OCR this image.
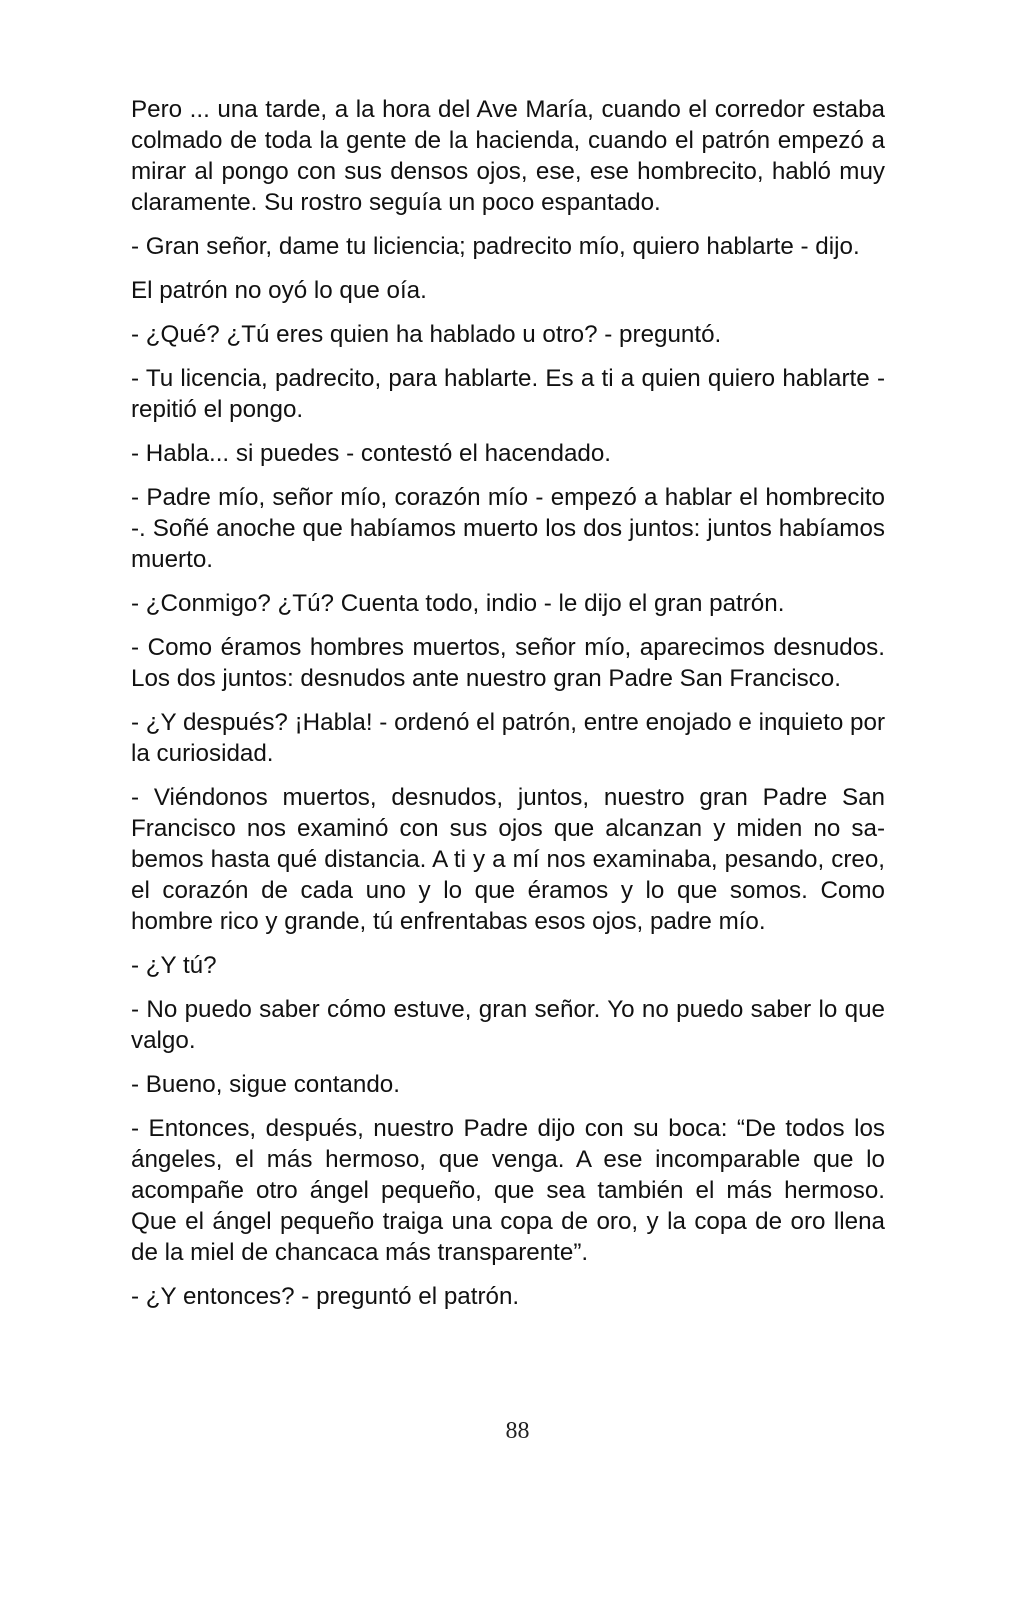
Pero ... una tarde, a la hora del Ave María, cuando el corredor estaba colmado de toda la gente de la hacienda, cuando el patrón empezó a mirar al pongo con sus densos ojos, ese, ese hombrecito, habló muy claramente. Su rostro seguía un poco espantado.

- Gran señor, dame tu liciencia; padrecito mío, quiero hablarte - dijo.

El patrón no oyó lo que oía.

- ¿Qué? ¿Tú eres quien ha hablado u otro? - preguntó.

- Tu licencia, padrecito, para hablarte. Es a ti a quien quiero hablarte - repitió el pongo.

- Habla... si puedes - contestó el hacendado.

- Padre mío, señor mío, corazón mío - empezó a hablar el hombrecito -. Soñé anoche que habíamos muerto los dos juntos: juntos habíamos muerto.

- ¿Conmigo? ¿Tú? Cuenta todo, indio - le dijo el gran patrón.

- Como éramos hombres muertos, señor mío, aparecimos desnudos. Los dos juntos: desnudos ante nuestro gran Padre San Francisco.

- ¿Y después? ¡Habla! - ordenó el patrón, entre enojado e inquieto por la curiosidad.

- Viéndonos muertos, desnudos, juntos, nuestro gran Padre San Francisco nos examinó con sus ojos que alcanzan y miden no sabemos hasta qué distancia. A ti y a mí nos examinaba, pesando, creo, el corazón de cada uno y lo que éramos y lo que somos. Como hombre rico y grande, tú enfrentabas esos ojos, padre mío.

- ¿Y tú?

- No puedo saber cómo estuve, gran señor. Yo no puedo saber lo que valgo.

- Bueno, sigue contando.

- Entonces, después, nuestro Padre dijo con su boca: “De todos los ángeles, el más hermoso, que venga. A ese incomparable que lo acompañe otro ángel pequeño, que sea también el más hermoso. Que el ángel pequeño traiga una copa de oro, y la copa de oro llena de la miel de chancaca más transparente”.

- ¿Y entonces? - preguntó el patrón.

88
